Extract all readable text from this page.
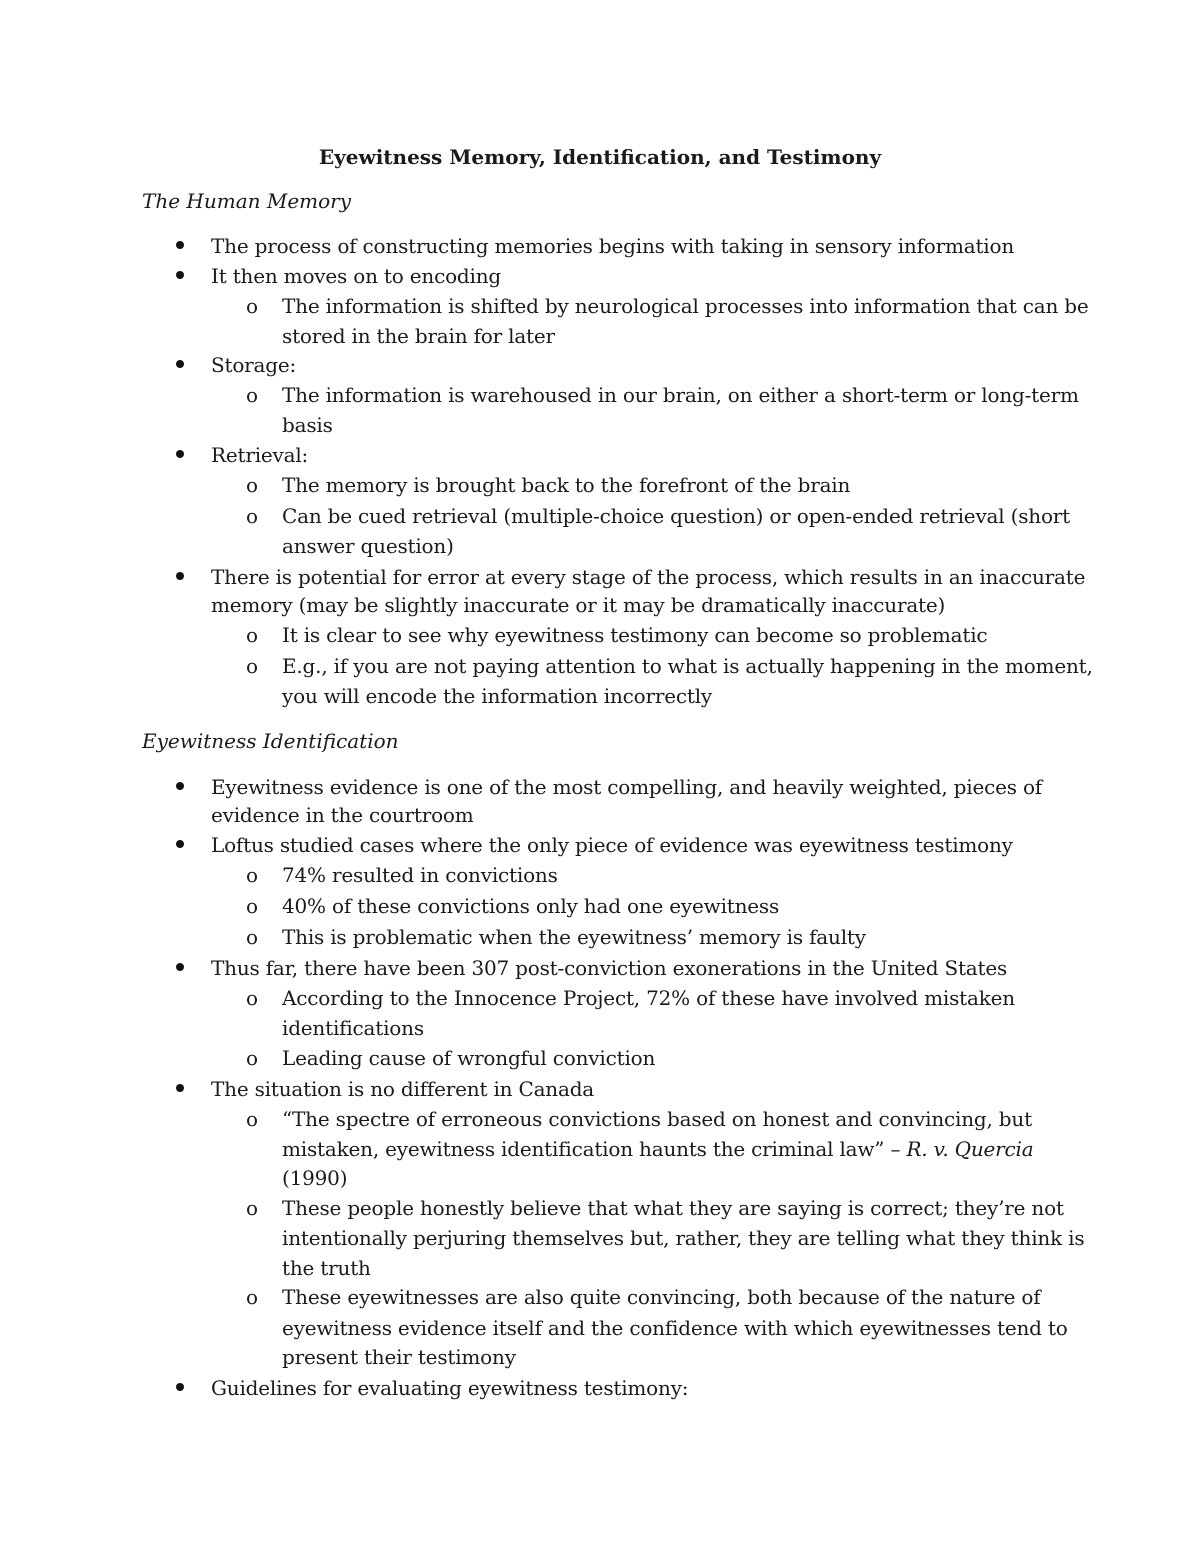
Eyewitness Memory, Identification, and Testimony
The Human Memory
The process of constructing memories begins with taking in sensory information
It then moves on to encoding
o The information is shifted by neurological processes into information that can be
stored in the brain for later
Storage:
o The information is warehoused in our brain, on either a short-term or long-term
basis
Retrieval:
o The memory is brought back to the forefront of the brain
o Can be cued retrieval (multiple-choice question) or open-ended retrieval (short
answer question)
There is potential for error at every stage of the process, which results in an inaccurate
memory (may be slightly inaccurate or it may be dramatically inaccurate)
o It is clear to see why eyewitness testimony can become so problematic
o E.g., if you are not paying attention to what is actually happening in the moment,
you will encode the information incorrectly
Eyewitness Identification
Eyewitness evidence is one of the most compelling, and heavily weighted, pieces of
evidence in the courtroom
Loftus studied cases where the only piece of evidence was eyewitness testimony
o 74% resulted in convictions
o 40% of these convictions only had one eyewitness
o This is problematic when the eyewitness’ memory is faulty
Thus far, there have been 307 post-conviction exonerations in the United States
o According to the Innocence Project, 72% of these have involved mistaken
identifications
o Leading cause of wrongful conviction
The situation is no different in Canada
o “The spectre of erroneous convictions based on honest and convincing, but
mistaken, eyewitness identification haunts the criminal law” – R. v. Quercia
(1990)
o These people honestly believe that what they are saying is correct; they’re not
intentionally perjuring themselves but, rather, they are telling what they think is
the truth
o These eyewitnesses are also quite convincing, both because of the nature of
eyewitness evidence itself and the confidence with which eyewitnesses tend to
present their testimony
Guidelines for evaluating eyewitness testimony:
